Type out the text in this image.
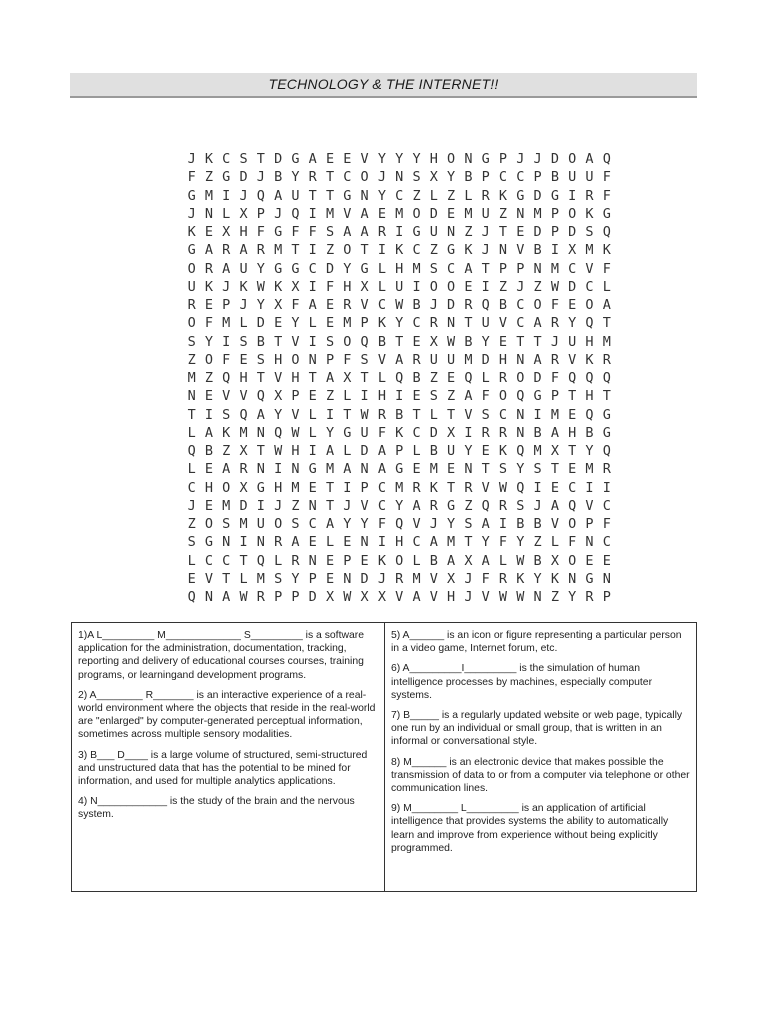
TECHNOLOGY & THE INTERNET!!
J K C S T D G A E E V Y Y Y H O N G P J J D O A Q
F Z G D J B Y R T C O J N S X Y B P C C P B U U F
G M I J Q A U T T G N Y C Z L Z L R K G D G I R F
J N L X P J Q I M V A E M O D E M U Z N M P O K G
K E X H F G F F S A A R I G U N Z J T E D P D S Q
G A R A R M T I Z O T I K C Z G K J N V B I X M K
O R A U Y G G C D Y G L H M S C A T P P N M C V F
U K J K W K X I F H X L U I O O E I Z J Z W D C L
R E P J Y X F A E R V C W B J D R Q B C O F E O A
O F M L D E Y L E M P K Y C R N T U V C A R Y Q T
S Y I S B T V I S O Q B T E X W B Y E T T J U H M
Z O F E S H O N P F S V A R U U M D H N A R V K R
M Z Q H T V H T A X T L Q B Z E Q L R O D F Q Q Q
N E V V Q X P E Z L I H I E S Z A F O Q G P T H T
T I S Q A Y V L I T W R B T L T V S C N I M E Q G
L A K M N Q W L Y G U F K C D X I R R N B A H B G
Q B Z X T W H I A L D A P L B U Y E K Q M X T Y Q
L E A R N I N G M A N A G E M E N T S Y S T E M R
C H O X G H M E T I P C M R K T R V W Q I E C I I
J E M D I J Z N T J V C Y A R G Z Q R S J A Q V C
Z O S M U O S C A Y Y F Q V J Y S A I B B V O P F
S G N I N R A E L E N I H C A M T Y F Y Z L F N C
L C C T Q L R N E P E K O L B A X A L W B X O E E
E V T L M S Y P E N D J R M V X J F R K Y K N G N
Q N A W R P P D X W X X V A V H J V W W N Z Y R P

1)A L_________ M_____________ S_________ is a software application for the administration, documentation, tracking, reporting and delivery of educational courses courses, training programs, or learningand development programs.

2) A________ R_______ is an interactive experience of a real-world environment where the objects that reside in the real-world are "enlarged" by computer-generated perceptual information, sometimes across multiple sensory modalities.

3) B___ D____ is a large volume of structured, semi-structured and unstructured data that has the potential to be mined for information, and used for multiple analytics applications.

4) N____________ is the study of the brain and the nervous system.

5) A______ is an icon or figure representing a particular person in a video game, Internet forum, etc.

6) A_________I_________ is the simulation of human intelligence processes by machines, especially computer systems.

7) B_____ is a regularly updated website or web page, typically one run by an individual or small group, that is written in an informal or conversational style.

8) M______ is an electronic device that makes possible the transmission of data to or from a computer via telephone or other communication lines.

9) M________ L_________ is an application of artificial intelligence that provides systems the ability to automatically learn and improve from experience without being explicitly programmed.
